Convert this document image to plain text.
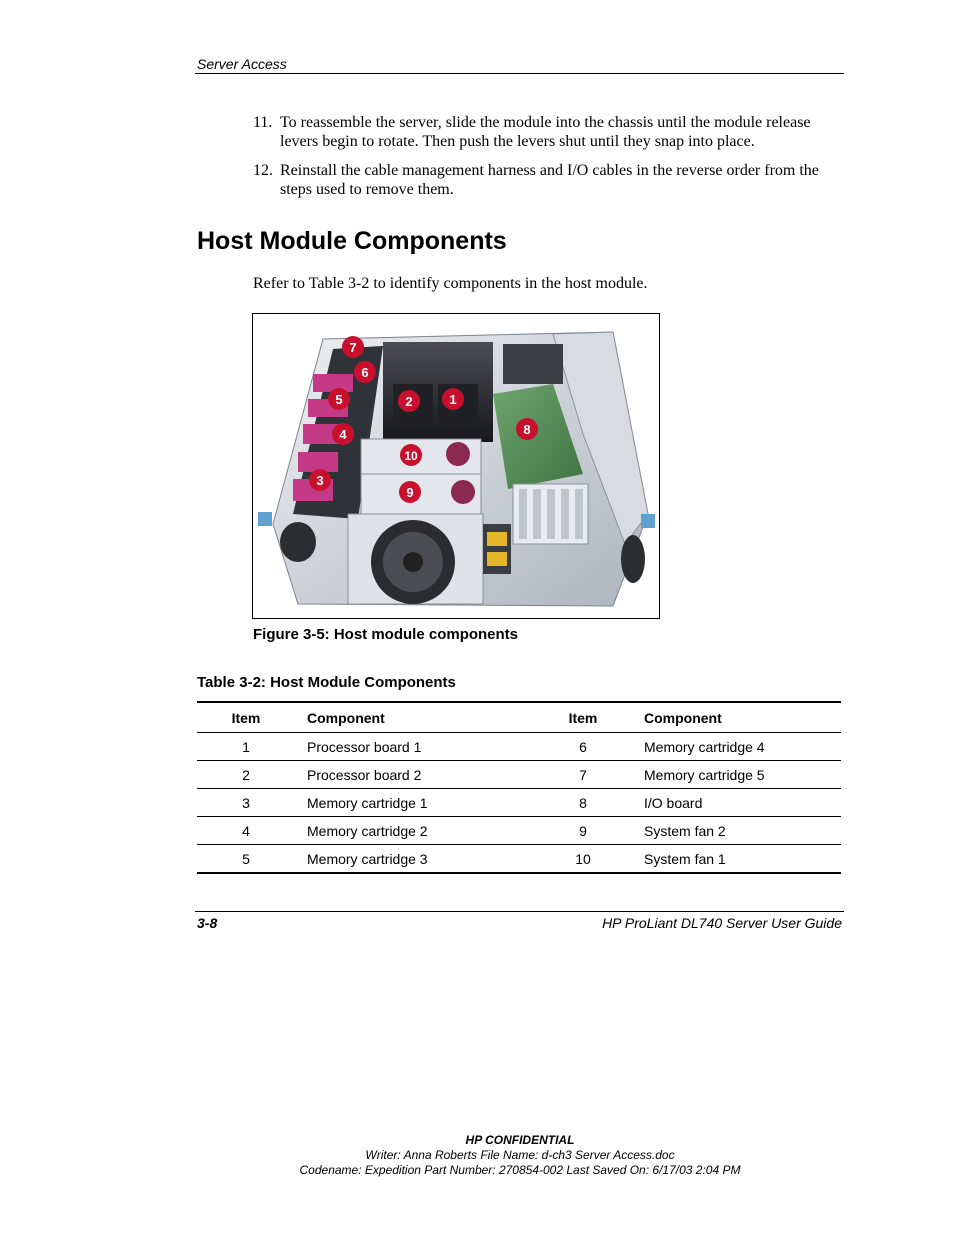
Server Access
11. To reassemble the server, slide the module into the chassis until the module release levers begin to rotate. Then push the levers shut until they snap into place.
12. Reinstall the cable management harness and I/O cables in the reverse order from the steps used to remove them.
Host Module Components
Refer to Table 3-2 to identify components in the host module.
7
6
5	2	1
4	8
10
3
9
Figure 3-5: Host module components
Table 3-2: Host Module Components
Item	Component	Item	Component
1	Processor board 1	6	Memory cartridge 4
2	Processor board 2	7	Memory cartridge 5
3	Memory cartridge 1	8	I/O board
4	Memory cartridge 2	9	System fan 2
5	Memory cartridge 3	10	System fan 1
3-8	HP ProLiant DL740 Server User Guide
HP CONFIDENTIAL
Writer: Anna Roberts File Name: d-ch3 Server Access.doc
Codename: Expedition Part Number: 270854-002 Last Saved On: 6/17/03 2:04 PM
